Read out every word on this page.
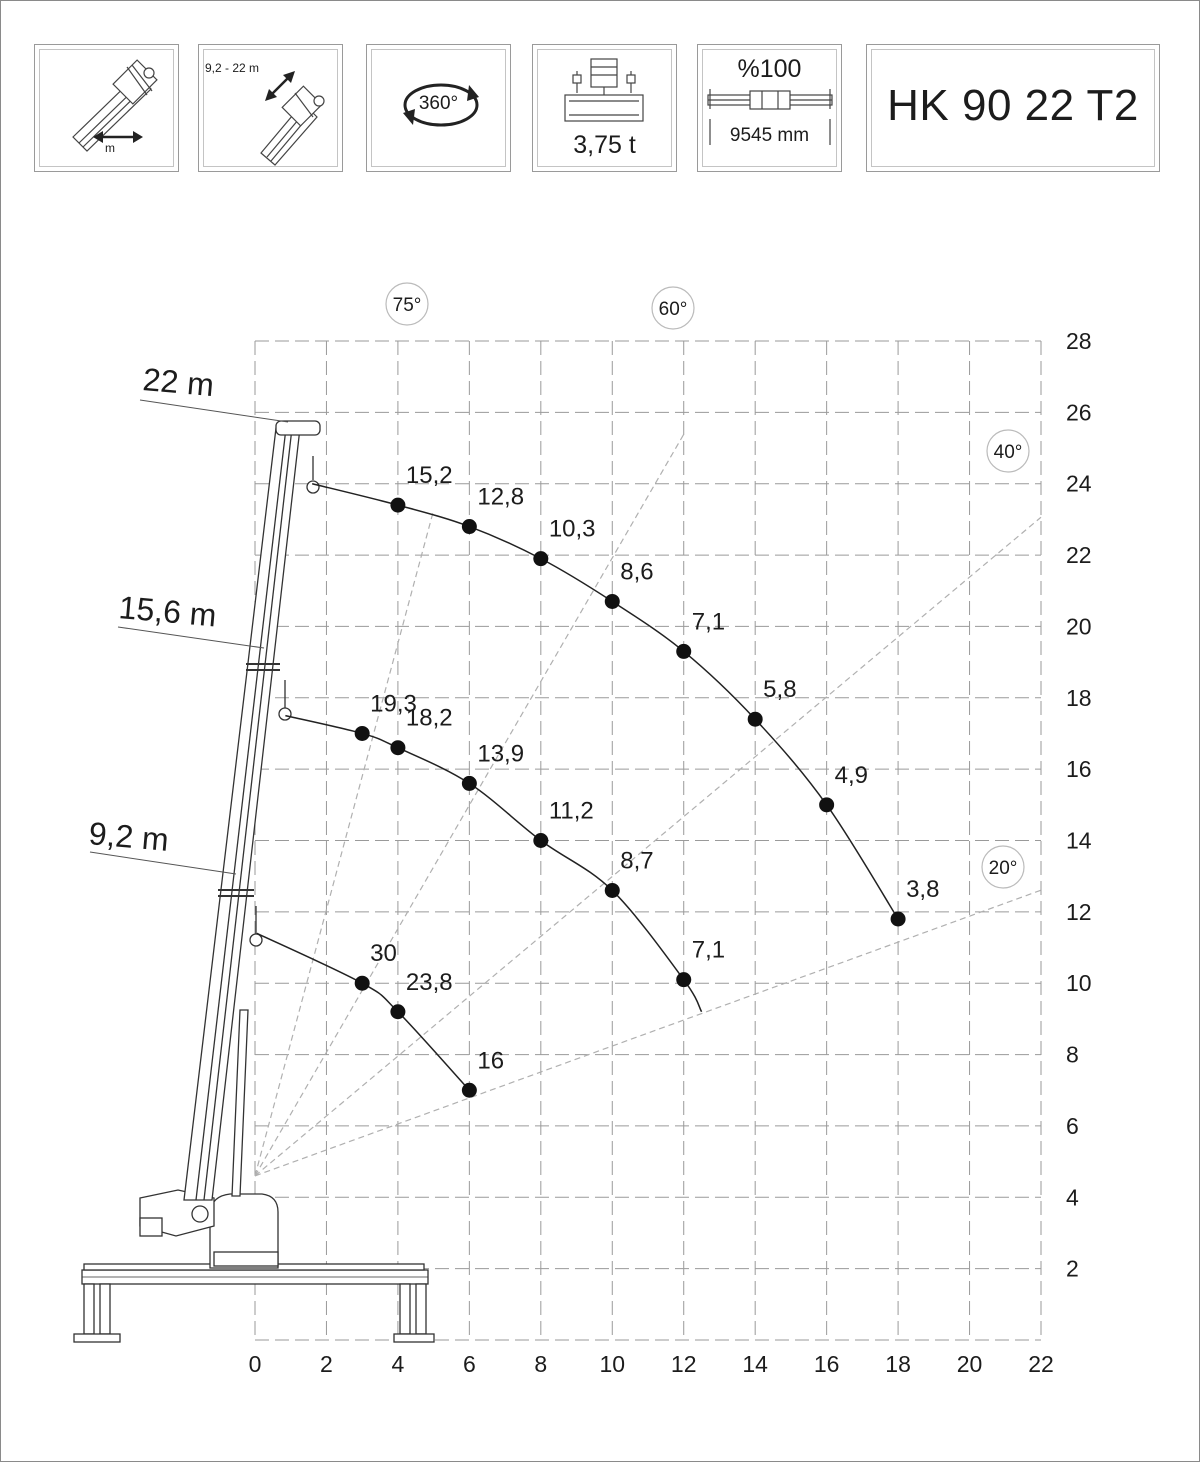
m
9,2 - 22 m
360°
3,75 t
%100
9545 mm
HK 90 22 T2
75°	60°
40°
20°
9,2 m
15,6 m
22 m
30
23,8
16
19,3
18,2
13,9
11,2
8,7
7,1
15,2
12,8
10,3
8,6
7,1
5,8
4,9
3,8
0	2	4	6	8 10 12 14 16 18 20 22
2
4
6
8
10
12
14
16
18
20
22
24
26
28
